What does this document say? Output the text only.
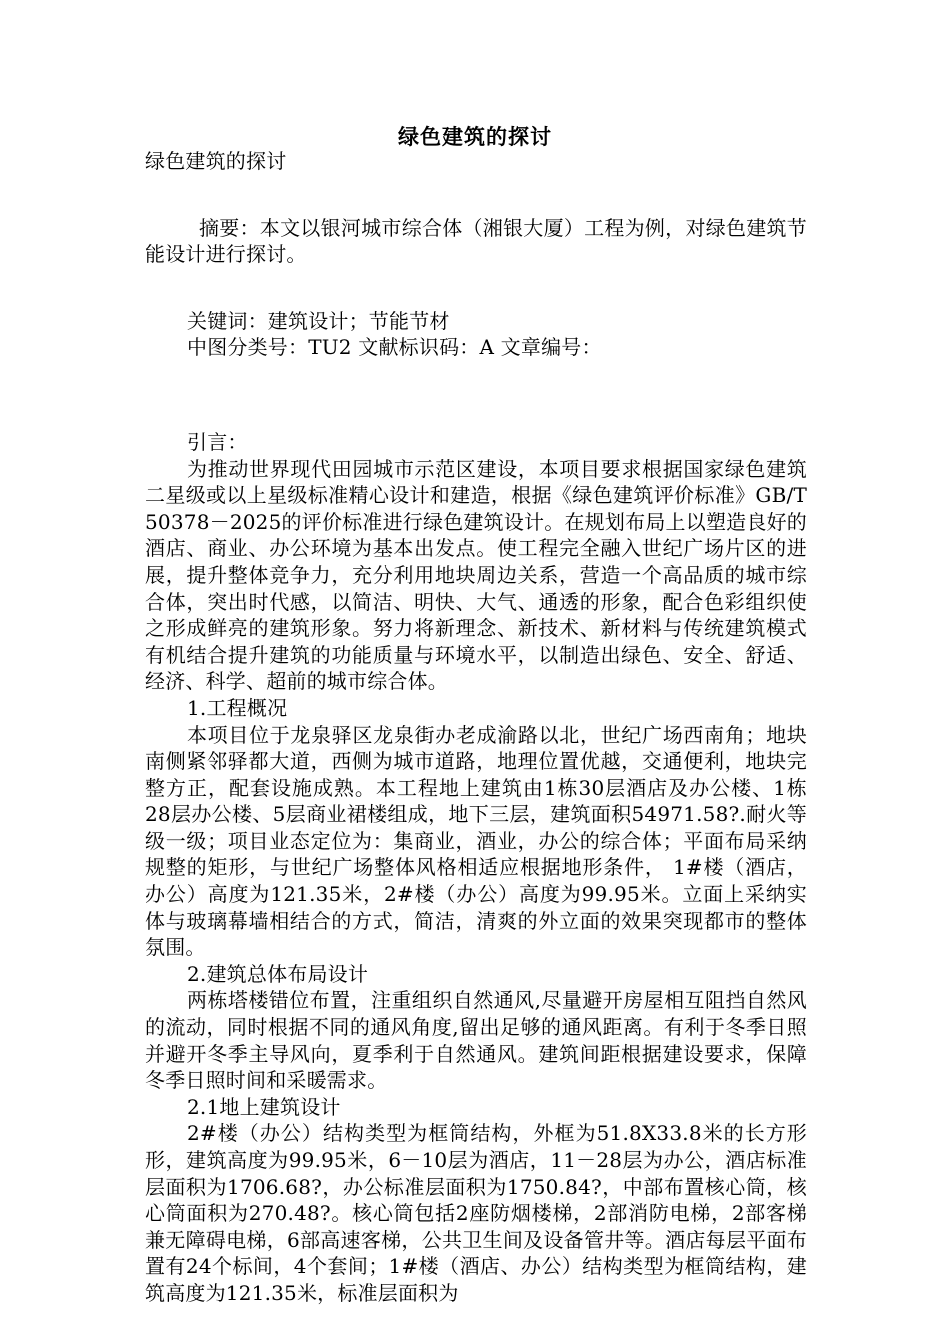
绿色建筑的探讨

绿色建筑的探讨

摘要：本文以银河城市综合体（湘银大厦）工程为例，对绿色建筑节能设计进行探讨。

关键词：建筑设计；节能节材

中图分类号：TU2 文献标识码：A 文章编号：

引言：

为推动世界现代田园城市示范区建设，本项目要求根据国家绿色建筑二星级或以上星级标准精心设计和建造，根据《绿色建筑评价标准》GB/T 50378－2025的评价标准进行绿色建筑设计。在规划布局上以塑造良好的酒店、商业、办公环境为基本出发点。使工程完全融入世纪广场片区的进展，提升整体竞争力，充分利用地块周边关系，营造一个高品质的城市综合体，突出时代感，以简洁、明快、大气、通透的形象，配合色彩组织使之形成鲜亮的建筑形象。努力将新理念、新技术、新材料与传统建筑模式有机结合提升建筑的功能质量与环境水平，以制造出绿色、安全、舒适、经济、科学、超前的城市综合体。

1.工程概况

本项目位于龙泉驿区龙泉街办老成渝路以北，世纪广场西南角；地块南侧紧邻驿都大道，西侧为城市道路，地理位置优越，交通便利，地块完整方正，配套设施成熟。本工程地上建筑由1栋30层酒店及办公楼、1栋28层办公楼、5层商业裙楼组成，地下三层，建筑面积54971.58?.耐火等级一级；项目业态定位为：集商业，酒业，办公的综合体；平面布局采纳规整的矩形，与世纪广场整体风格相适应根据地形条件， 1#楼（酒店，办公）高度为121.35米，2#楼（办公）高度为99.95米。立面上采纳实体与玻璃幕墙相结合的方式，简洁，清爽的外立面的效果突现都市的整体氛围。

2.建筑总体布局设计

两栋塔楼错位布置，注重组织自然通风,尽量避开房屋相互阻挡自然风的流动，同时根据不同的通风角度,留出足够的通风距离。有利于冬季日照并避开冬季主导风向，夏季利于自然通风。建筑间距根据建设要求，保障冬季日照时间和采暖需求。

2.1地上建筑设计

2#楼（办公）结构类型为框筒结构，外框为51.8X33.8米的长方形形，建筑高度为99.95米，6－10层为酒店，11－28层为办公，酒店标准层面积为1706.68?，办公标准层面积为1750.84?，中部布置核心筒，核心筒面积为270.48?。核心筒包括2座防烟楼梯，2部消防电梯，2部客梯兼无障碍电梯，6部高速客梯，公共卫生间及设备管井等。酒店每层平面布置有24个标间，4个套间；1#楼（酒店、办公）结构类型为框筒结构，建筑高度为121.35米，标准层面积为
